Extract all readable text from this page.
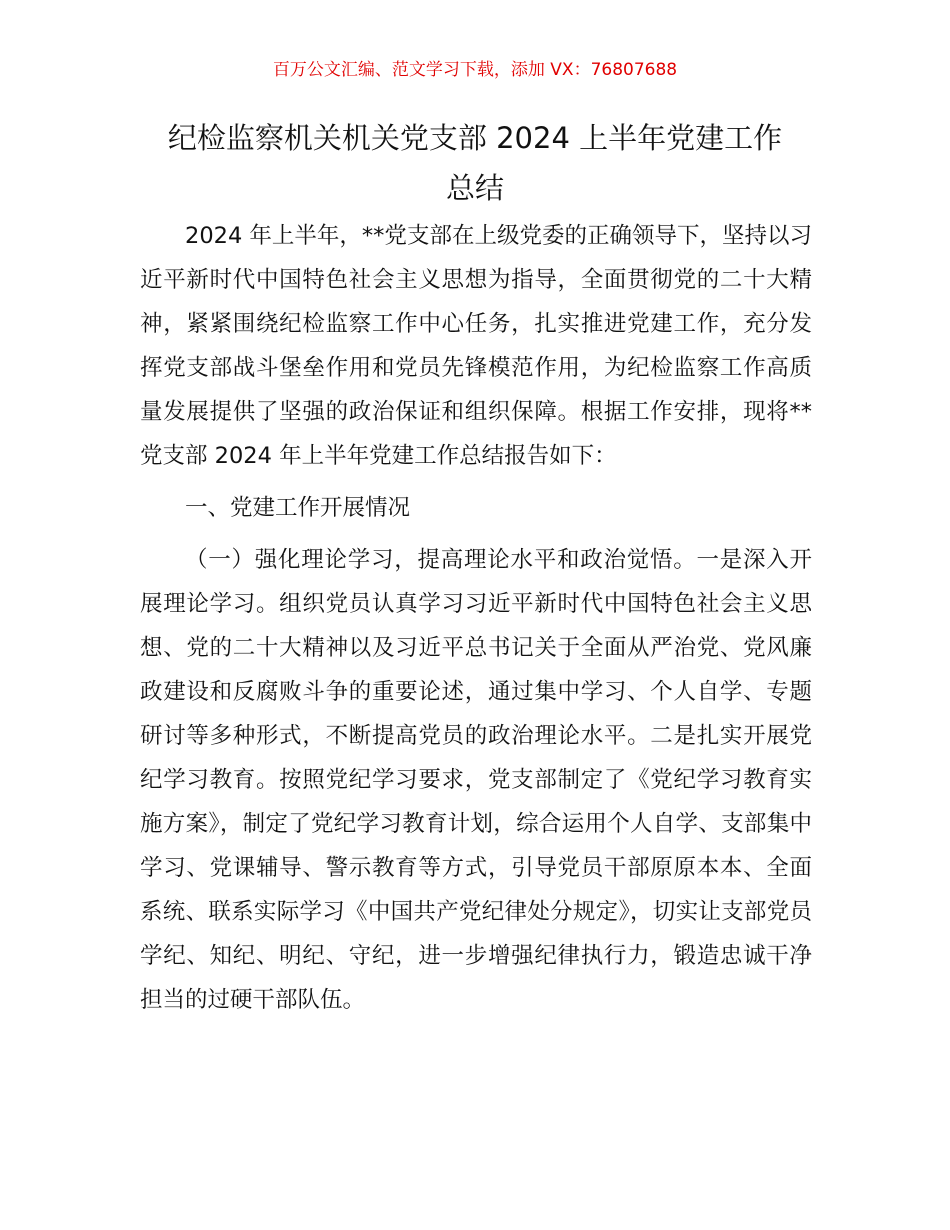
百万公文汇编、范文学习下载，添加 VX：76807688
纪检监察机关机关党支部 2024 上半年党建工作
总结

2024 年上半年，**党支部在上级党委的正确领导下，坚持以习近平新时代中国特色社会主义思想为指导，全面贯彻党的二十大精神，紧紧围绕纪检监察工作中心任务，扎实推进党建工作，充分发挥党支部战斗堡垒作用和党员先锋模范作用，为纪检监察工作高质量发展提供了坚强的政治保证和组织保障。根据工作安排，现将**党支部 2024 年上半年党建工作总结报告如下：

一、党建工作开展情况

（一）强化理论学习，提高理论水平和政治觉悟。一是深入开展理论学习。组织党员认真学习习近平新时代中国特色社会主义思想、党的二十大精神以及习近平总书记关于全面从严治党、党风廉政建设和反腐败斗争的重要论述，通过集中学习、个人自学、专题研讨等多种形式，不断提高党员的政治理论水平。二是扎实开展党纪学习教育。按照党纪学习要求，党支部制定了《党纪学习教育实施方案》，制定了党纪学习教育计划，综合运用个人自学、支部集中学习、党课辅导、警示教育等方式，引导党员干部原原本本、全面系统、联系实际学习《中国共产党纪律处分规定》，切实让支部党员学纪、知纪、明纪、守纪，进一步增强纪律执行力，锻造忠诚干净担当的过硬干部队伍。
